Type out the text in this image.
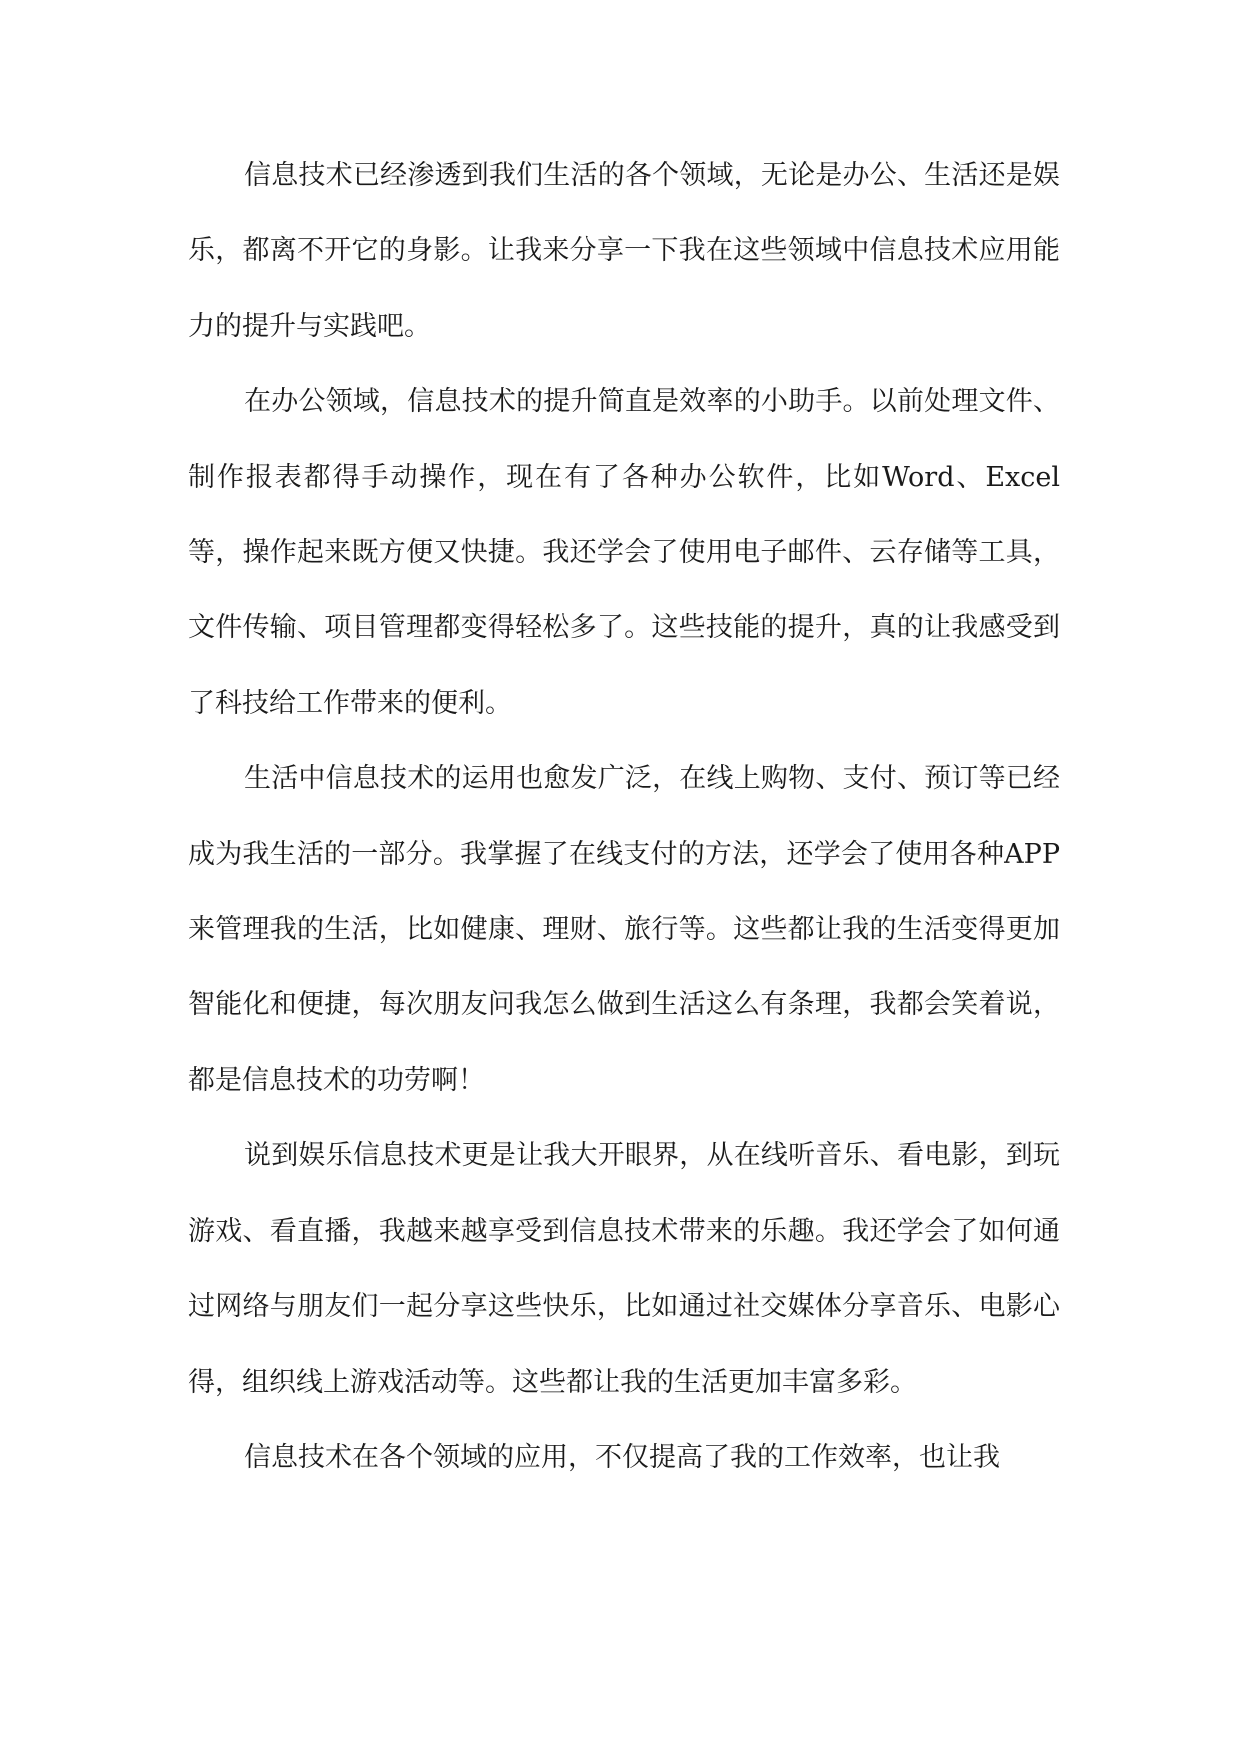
信息技术已经渗透到我们生活的各个领域，无论是办公、生活还是娱乐，都离不开它的身影。让我来分享一下我在这些领域中信息技术应用能力的提升与实践吧。

在办公领域，信息技术的提升简直是效率的小助手。以前处理文件、制作报表都得手动操作，现在有了各种办公软件，比如Word、Excel等，操作起来既方便又快捷。我还学会了使用电子邮件、云存储等工具，文件传输、项目管理都变得轻松多了。这些技能的提升，真的让我感受到了科技给工作带来的便利。

生活中信息技术的运用也愈发广泛，在线上购物、支付、预订等已经成为我生活的一部分。我掌握了在线支付的方法，还学会了使用各种APP来管理我的生活，比如健康、理财、旅行等。这些都让我的生活变得更加智能化和便捷，每次朋友问我怎么做到生活这么有条理，我都会笑着说，都是信息技术的功劳啊！

说到娱乐信息技术更是让我大开眼界，从在线听音乐、看电影，到玩游戏、看直播，我越来越享受到信息技术带来的乐趣。我还学会了如何通过网络与朋友们一起分享这些快乐，比如通过社交媒体分享音乐、电影心得，组织线上游戏活动等。这些都让我的生活更加丰富多彩。

信息技术在各个领域的应用，不仅提高了我的工作效率，也让我
